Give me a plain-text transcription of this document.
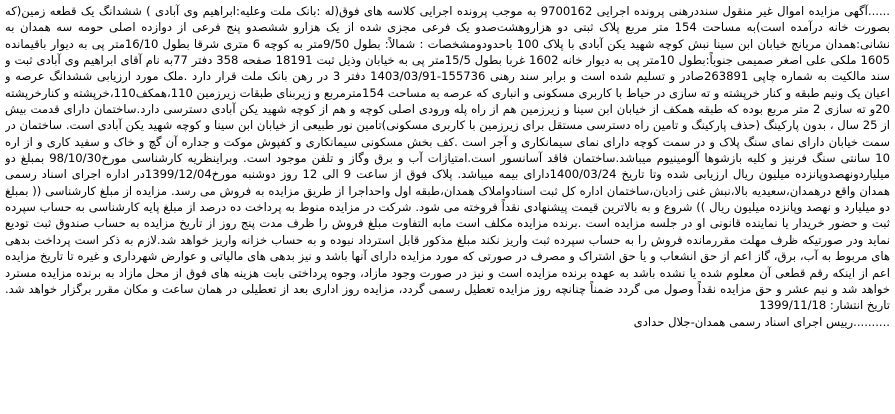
......آگهی مزایده اموال غیر منقول سنددرهنی پرونده اجرایی 9700162 به موجب پرونده اجرایی کلاسه های فوق(له :بانک ملت وعلیه:ابراهیم وی آبادی ) ششدانگ یک قطعه زمین(که بصورت خانه درآمده است)به مساحت 154 متر مربع پلاک ثبتی دو هزاروهشت‌صدو یک فرعی مجزی شده از یک هزارو ششصدو پنج فرعی از دوازده اصلی حومه سه همدان به نشانی:همدان مریانج خیابان ابن سینا نبش کوچه شهید یکن آبادی با پلاک 100 باحدودومشخصات : شمالاً: بطول 9/50متر به کوچه 6 متری شرقا بطول 16/10متر پی به دیوار باقیمانده 1605 ملکی علی اصغر صمیمی جنوباً:بطول 10متر پی به دیوار خانه 1602 غربا بطول 15/5متر پی به خیابان وذیل ثبت 18191 صفحه 358 دفتر 77به نام آقای ابراهیم وی آبادی ثبت و سند مالکیت به شماره چاپی 263891صادر و تسلیم شده است و برابر سند رهنی 155736-1403/03/91 دفتر 3 در رهن بانک ملت قرار دارد .ملک مورد ارزیابی ششدانگ عرصه و اعیان یک ونیم طبقه و کنار خرپشته و ته سازی در حیاط با کاربری مسکونی و انباری که عرصه به مساحت 154مترمربع و زیربنای طبقات زیرزمین 110،همکف110،خرپشته و کنارخرپشته 20و ته سازی 2 متر مربع بوده که طبقه همکف از خیابان ابن سینا و زیرزمین هم از راه پله ورودی اصلی کوچه و هم از کوچه شهید یکن آبادی دسترسی دارد.ساختمان دارای قدمت بیش از 25 سال ، بدون پارکینگ (حذف پارکینگ و تامین راه دسترسی مستقل برای زیرزمین با کاربری مسکونی)تامین نور طبیعی از خیابان ابن سینا و کوچه شهید یکن آبادی است. ساختمان در سمت خیابان دارای نمای سنگ پلاک و در سمت کوچه دارای نمای سیمانکاری و آجر است .کف بخش مسکونی سیمانکاری و کفپوش موکت و جداره آن گچ و خاک و سفید کاری و از اره 10 سانتی سنگ فرنیز و کلیه بازشوها آلومینیوم میباشد.ساختمان فاقد آسانسور است.امتیازات آب و برق وگاز و تلفن موجود است. وبراینظریه کارشناسی مورخ98/10/30 بمبلغ دو میلیاردونهصدوپانزده میلیون ریال ارزیابی شده وتا تاریخ 1400/03/24دارای بیمه میباشد. پلاک فوق از ساعت 9 الی 12 روز دوشنبه مورخ1399/12/04در اداره اجرای اسناد رسمی همدان واقع درهمدان،سعیدیه بالا،نبش غنی زادیان،ساختمان اداره کل ثبت اسنادواملاک همدان،طبقه اول واحداجرا از طریق مزایده به فروش می رسد. مزایده از مبلغ کارشناسی (( بمبلغ دو میلیارد و نهصد وپانزده میلیون ریال )) شروع و به بالاترین قیمت پیشنهادی نقداً فروخته می شود. شرکت در مزایده منوط به پرداخت ده درصد از مبلغ پایه کارشناسی به حساب سپرده ثبت و حضور خریدار یا نماینده قانونی او در جلسه مزایده است .برنده مزایده مکلف است مابه التفاوت مبلغ فروش را ظرف مدت پنج روز از تاریخ مزایده به حساب صندوق ثبت تودیع نماید ودر صورتیکه ظرف مهلت مقررمانده فروش را به حساب سپرده ثبت واریز نکند مبلغ مذکور قابل استرداد نبوده و به حساب خزانه واریز خواهد شد.لازم به ذکر است پرداخت بدهی های مربوط به آب، برق، گاز اعم از حق انشعاب و یا حق اشتراک و مصرف در صورتی که مورد مزایده دارای آنها باشد و نیز بدهی های مالیاتی و عوارض شهرداری و غیره تا تاریخ مزایده اعم از اینکه رقم قطعی آن معلوم شده یا نشده باشد به عهده برنده مزایده است و نیز در صورت وجود مازاد، وجوه پرداختی بابت هزینه های فوق از محل مازاد به برنده مزایده مسترد خواهد شد و نیم عشر و حق مزایده نقداً وصول می گردد ضمناً چنانچه روز مزایده تعطیل رسمی گردد، مزایده روز اداری بعد از تعطیلی در همان ساعت و مکان مقرر برگزار خواهد شد. تاریخ انتشار: 1399/11/18

..........رییس اجرای اسناد رسمی همدان-جلال حدادی
